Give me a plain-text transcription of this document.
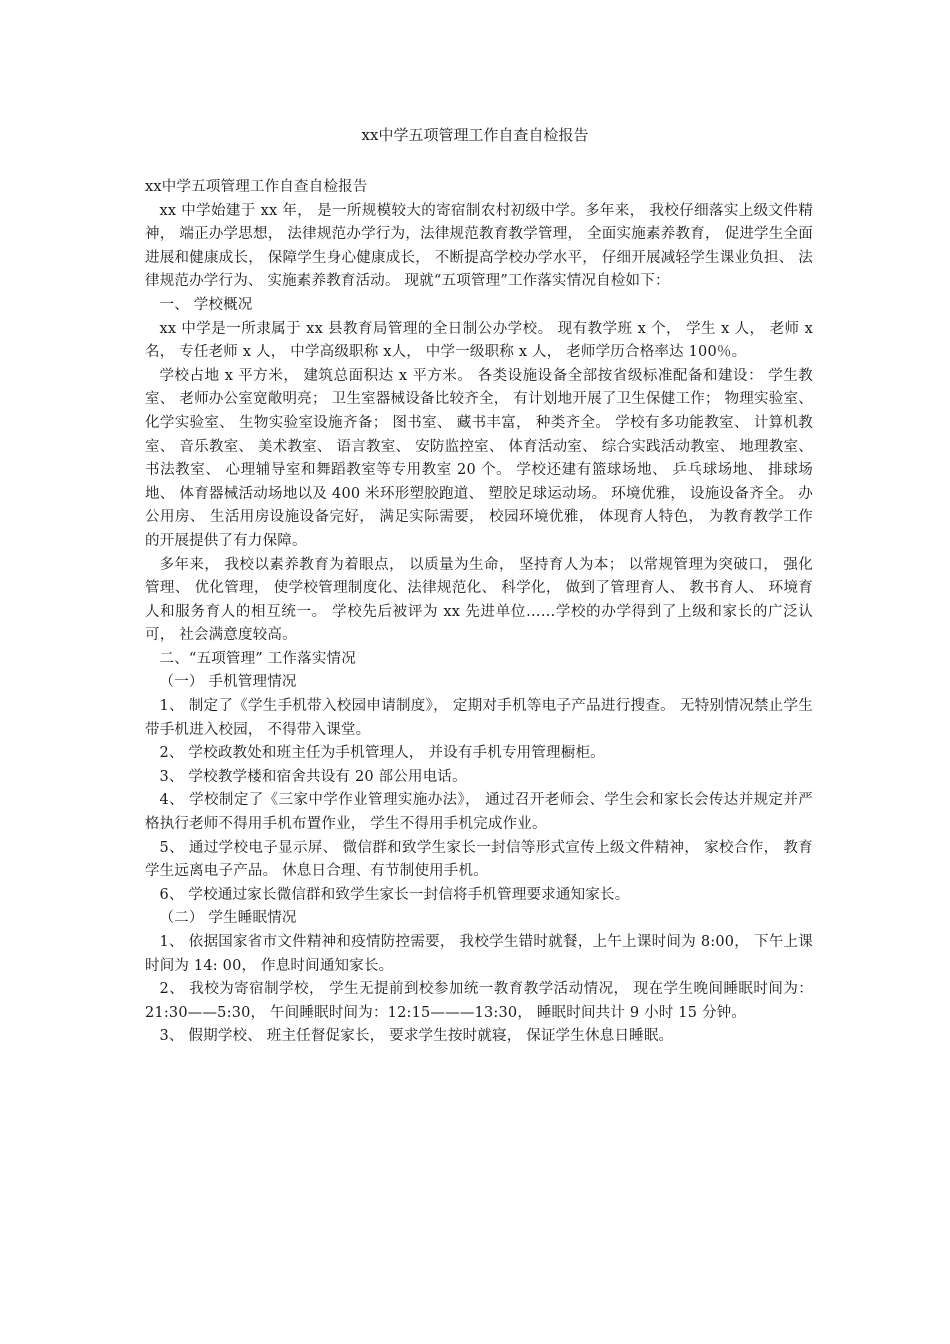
xx中学五项管理工作自查自检报告

xx中学五项管理工作自查自检报告

xx 中学始建于 xx 年， 是一所规模较大的寄宿制农村初级中学。多年来， 我校仔细落实上级文件精神， 端正办学思想， 法律规范办学行为，法律规范教育教学管理， 全面实施素养教育， 促进学生全面进展和健康成长， 保障学生身心健康成长， 不断提高学校办学水平， 仔细开展减轻学生课业负担、 法律规范办学行为、 实施素养教育活动。 现就“五项管理”工作落实情况自检如下：

一、 学校概况

xx 中学是一所隶属于 xx 县教育局管理的全日制公办学校。 现有教学班 x 个， 学生 x 人， 老师 x 名， 专任老师 x 人， 中学高级职称 x人， 中学一级职称 x 人， 老师学历合格率达 100％。

学校占地 x 平方米， 建筑总面积达 x 平方米。 各类设施设备全部按省级标准配备和建设： 学生教室、 老师办公室宽敞明亮； 卫生室器械设备比较齐全， 有计划地开展了卫生保健工作； 物理实验室、 化学实验室、 生物实验室设施齐备； 图书室、 藏书丰富， 种类齐全。 学校有多功能教室、 计算机教室、 音乐教室、 美术教室、 语言教室、 安防监控室、 体育活动室、 综合实践活动教室、 地理教室、 书法教室、 心理辅导室和舞蹈教室等专用教室 20 个。 学校还建有篮球场地、 乒乓球场地、 排球场地、 体育器械活动场地以及 400 米环形塑胶跑道、 塑胶足球运动场。 环境优雅， 设施设备齐全。 办公用房、 生活用房设施设备完好， 满足实际需要， 校园环境优雅， 体现育人特色， 为教育教学工作的开展提供了有力保障。

多年来， 我校以素养教育为着眼点， 以质量为生命， 坚持育人为本； 以常规管理为突破口， 强化管理、 优化管理， 使学校管理制度化、法律规范化、 科学化， 做到了管理育人、 教书育人、 环境育人和服务育人的相互统一。 学校先后被评为 xx 先进单位……学校的办学得到了上级和家长的广泛认可， 社会满意度较高。

二、“五项管理” 工作落实情况

（一） 手机管理情况

1、 制定了《学生手机带入校园申请制度》， 定期对手机等电子产品进行搜查。 无特别情况禁止学生带手机进入校园， 不得带入课堂。

2、 学校政教处和班主任为手机管理人， 并设有手机专用管理橱柜。

3、 学校教学楼和宿舍共设有 20 部公用电话。

4、 学校制定了《三家中学作业管理实施办法》， 通过召开老师会、学生会和家长会传达并规定并严格执行老师不得用手机布置作业， 学生不得用手机完成作业。

5、 通过学校电子显示屏、 微信群和致学生家长一封信等形式宣传上级文件精神， 家校合作， 教育学生远离电子产品。 休息日合理、有节制使用手机。

6、 学校通过家长微信群和致学生家长一封信将手机管理要求通知家长。

（二） 学生睡眠情况

1、 依据国家省市文件精神和疫情防控需要， 我校学生错时就餐，上午上课时间为 8:00， 下午上课时间为 14: 00， 作息时间通知家长。

2、 我校为寄宿制学校， 学生无提前到校参加统一教育教学活动情况， 现在学生晚间睡眠时间为： 21:30——5:30， 午间睡眠时间为：12:15———13:30， 睡眠时间共计 9 小时 15 分钟。

3、 假期学校、 班主任督促家长， 要求学生按时就寝， 保证学生休息日睡眠。
